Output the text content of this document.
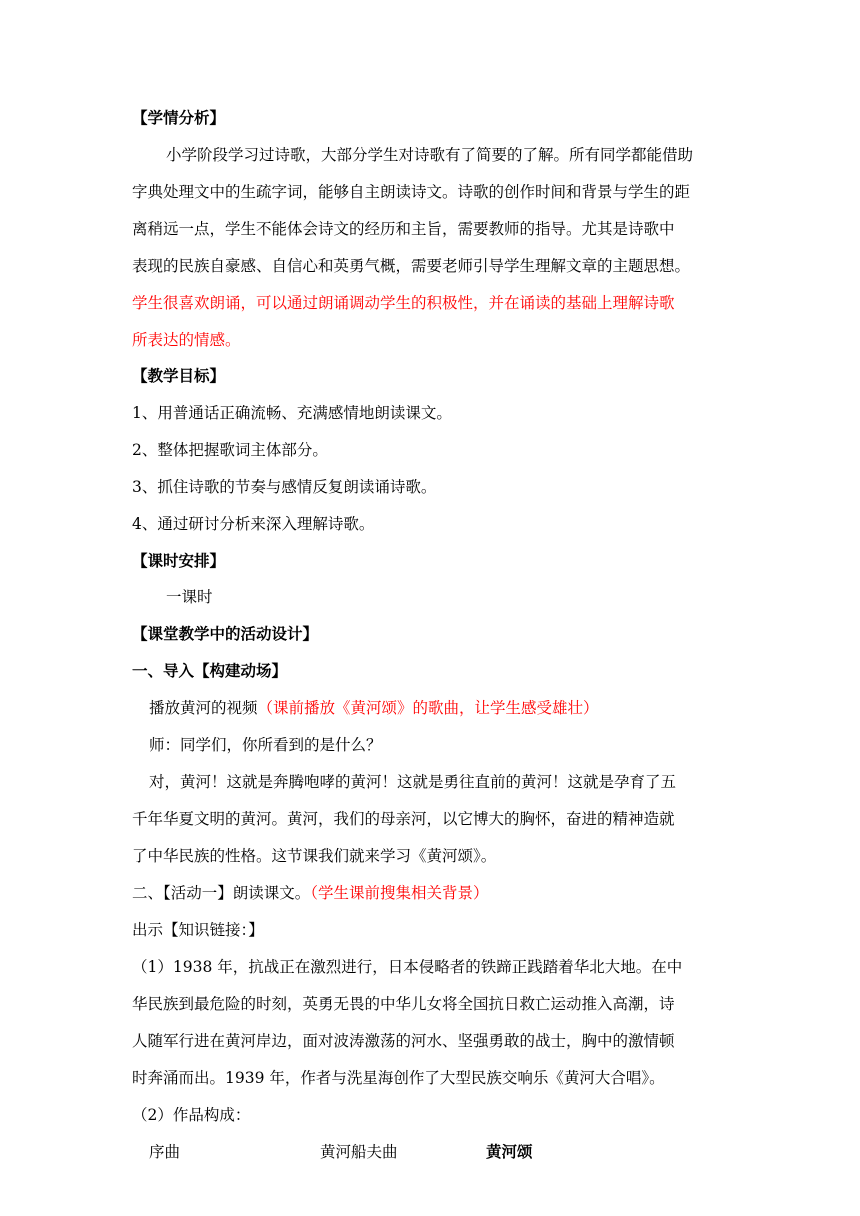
【学情分析】
小学阶段学习过诗歌，大部分学生对诗歌有了简要的了解。所有同学都能借助
字典处理文中的生疏字词，能够自主朗读诗文。诗歌的创作时间和背景与学生的距
离稍远一点，学生不能体会诗文的经历和主旨，需要教师的指导。尤其是诗歌中
表现的民族自豪感、自信心和英勇气概，需要老师引导学生理解文章的主题思想。
学生很喜欢朗诵，可以通过朗诵调动学生的积极性，并在诵读的基础上理解诗歌
所表达的情感。
【教学目标】
1、用普通话正确流畅、充满感情地朗读课文。
2、整体把握歌词主体部分。
3、抓住诗歌的节奏与感情反复朗读诵诗歌。
4、通过研讨分析来深入理解诗歌。
【课时安排】
一课时
【课堂教学中的活动设计】
一、导入【构建动场】
播放黄河的视频（课前播放《黄河颂》的歌曲，让学生感受雄壮）
师：同学们，你所看到的是什么？
对，黄河！这就是奔腾咆哮的黄河！这就是勇往直前的黄河！这就是孕育了五
千年华夏文明的黄河。黄河，我们的母亲河，以它博大的胸怀，奋进的精神造就
了中华民族的性格。这节课我们就来学习《黄河颂》。
二、【活动一】朗读课文。（学生课前搜集相关背景）
出示【知识链接：】
（1）1938 年，抗战正在激烈进行，日本侵略者的铁蹄正践踏着华北大地。在中
华民族到最危险的时刻，英勇无畏的中华儿女将全国抗日救亡运动推入高潮，诗
人随军行进在黄河岸边，面对波涛激荡的河水、坚强勇敢的战士，胸中的激情顿
时奔涌而出。1939 年，作者与洗星海创作了大型民族交响乐《黄河大合唱》。
（2）作品构成：
序曲	黄河船夫曲	黄河颂
